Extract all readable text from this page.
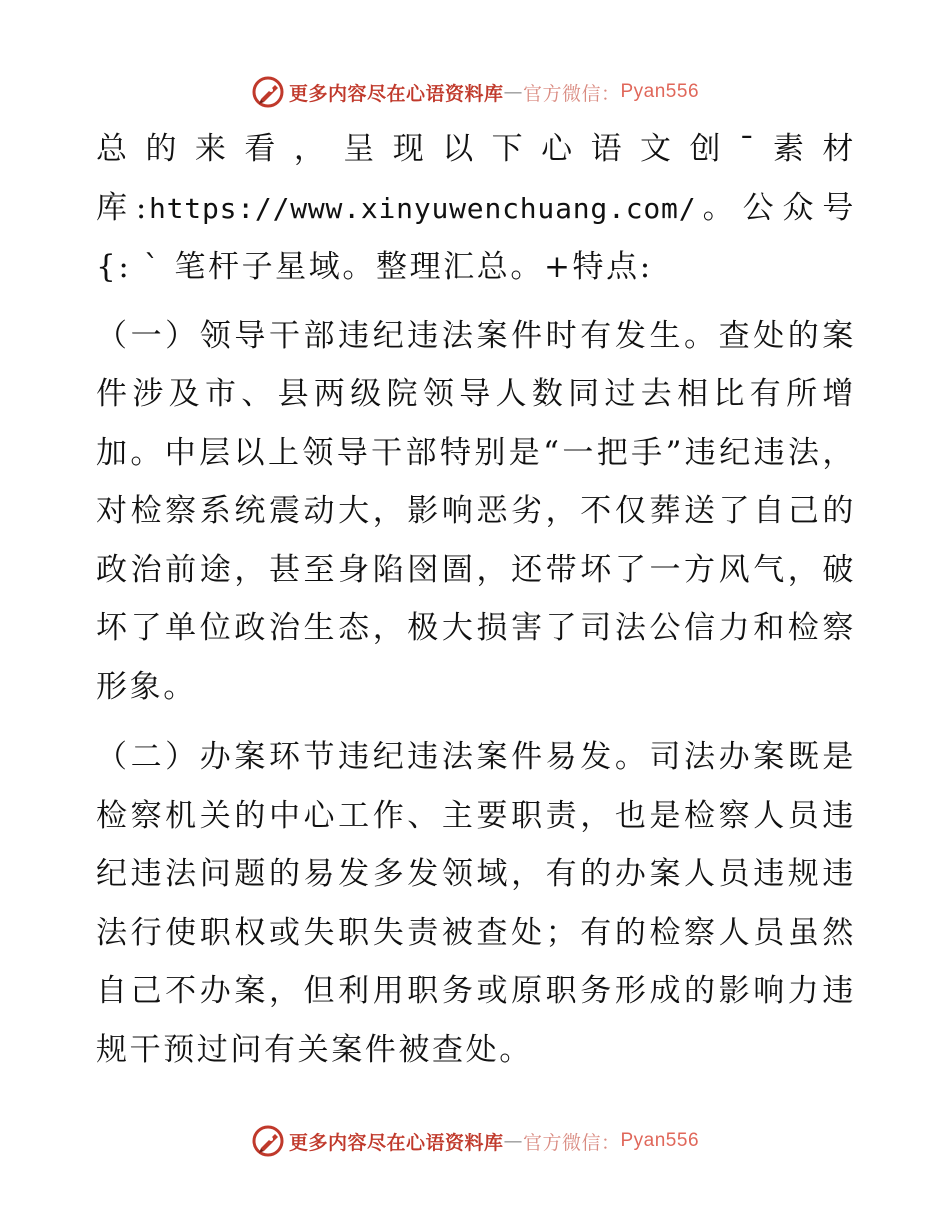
更多内容尽在心语资料库 — 官方微信： Pyan556

总的来看，呈现以下心语文创¯素材库:https://www.xinyuwenchuang.com/。公众号{: ` 笔杆子星域。整理汇总。+特点:

（一）领导干部违纪违法案件时有发生。查处的案件涉及市、县两级院领导人数同过去相比有所增加。中层以上领导干部特别是“一把手”违纪违法，对检察系统震动大，影响恶劣，不仅葬送了自己的政治前途，甚至身陷囹圄，还带坏了一方风气，破坏了单位政治生态，极大损害了司法公信力和检察形象。

（二）办案环节违纪违法案件易发。司法办案既是检察机关的中心工作、主要职责，也是检察人员违纪违法问题的易发多发领域，有的办案人员违规违法行使职权或失职失责被查处；有的检察人员虽然自己不办案，但利用职务或原职务形成的影响力违规干预过问有关案件被查处。

更多内容尽在心语资料库 — 官方微信： Pyan556
